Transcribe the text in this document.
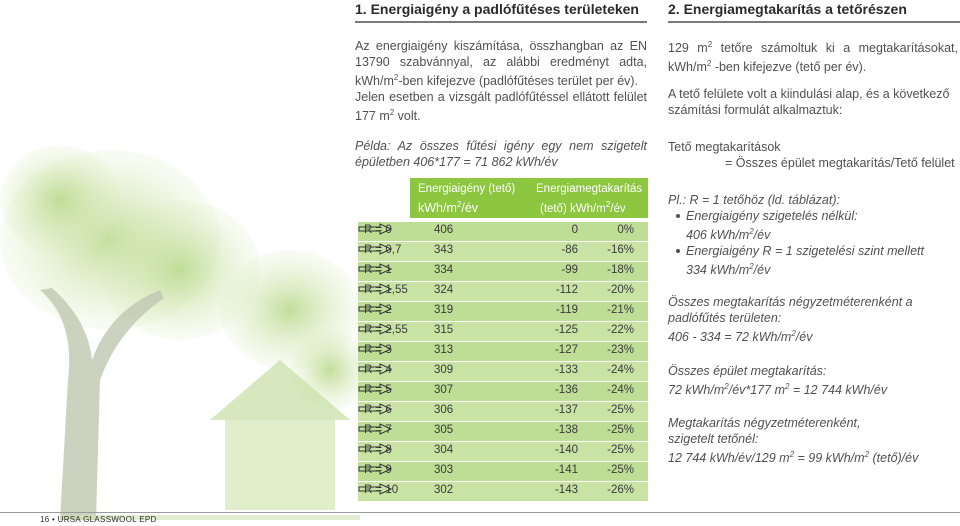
1. Energiaigény a padlófűtéses területeken
Az energiaigény kiszámítása, összhangban az EN
13790 szabvánnyal, az alábbi eredményt adta,
kWh/$m^2$-ben kifejezve (padlófűtéses terület per év).
Jelen esetben a vizsgált padlófűtéssel ellátott felület
177 $m^2$ volt.
Példa: Az összes fűtési igény egy nem szigetelt
épületben 406*177 = 71 862 kWh/év
Energiaigény (tető)
kWh/$m^2/év$
Energiamegtakarítás
(tető) kWh/$m^2/év$
R = 0	406	0	0%
R = 0,7	343	-86	-16%
R = 1	334	-99	-18%
R = 1,55 324	-112	-20%
R = 2	319	-119	-21%
R = 2,55 315	-125	-22%
R = 3	313	-127	-23%
R = 4	309	-133	-24%
R = 5	307	-136	-24%
R = 6	306	-137	-25%
R = 7	305	-138	-25%
R = 8	304	-140	-25%
R = 9	303	-141	-25%
R = 10	302	-143	-26%
2. Energiamegtakarítás a tetőrészen
129 $m^2$ tetőre számoltuk ki a megtakarításokat,
kWh/$m^2$ -ben kifejezve (tető per év).
A tető felülete volt a kiindulási alap, és a következő
számítási formulát alkalmaztuk:
Tető megtakarítások
= Összes épület megtakarítás/Tető felület
Pl.: R = 1 tetőhöz (ld. táblázat):
Energiaigény szigetelés nélkül:
406 kWh/$m^2/év$
Energiaigény R = 1 szigetelési szint mellett
334 kWh/$m^2/év$
Összes megtakarítás négyzetméterenként a
padlófűtés területen:
406 - 334 = 72 kWh/$m^2/év$
Összes épület megtakarítás:
72 kWh/$m^2/év*177$ $m^2 = 12$ 744 kWh/év
Megtakarítás négyzetméterenként,
szigetelt tetőnél:
12 744 kWh/év/129 $m^2 = 99$ kWh/$m^2$ (tető)/év
16 • URSA GLASSWOOL EPD
